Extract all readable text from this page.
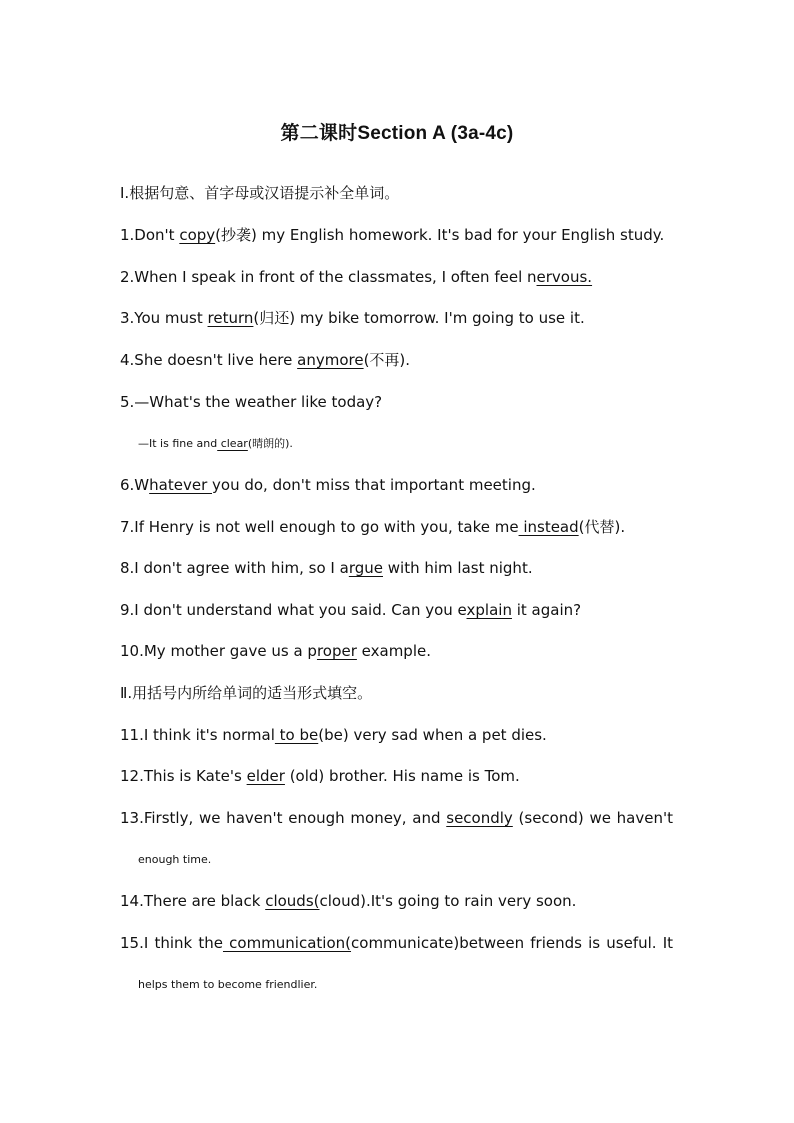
第二课时Section A (3a-4c)
Ⅰ.根据句意、首字母或汉语提示补全单词。
1.Don't copy(抄袭) my English homework. It's bad for your English study.
2.When I speak in front of the classmates, I often feel nervous.
3.You must return(归还) my bike tomorrow. I'm going to use it.
4.She doesn't live here anymore(不再).
5.—What's the weather like today?
—It is fine and clear(晴朗的).
6.Whatever you do, don't miss that important meeting.
7.If Henry is not well enough to go with you, take me instead(代替).
8.I don't agree with him, so I argue with him last night.
9.I don't understand what you said. Can you explain it again?
10.My mother gave us a proper example.
Ⅱ.用括号内所给单词的适当形式填空。
11.I think it's normal to be(be) very sad when a pet dies.
12.This is Kate's elder (old) brother. His name is Tom.
13.Firstly, we haven't enough money, and secondly (second) we haven't
enough time.
14.There are black clouds(cloud).It's going to rain very soon.
15.I think the communication(communicate)between friends is useful. It
helps them to become friendlier.
